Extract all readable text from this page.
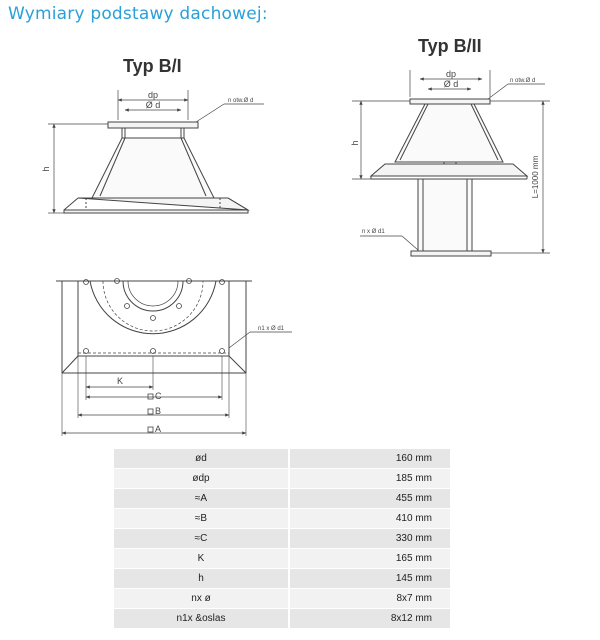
Wymiary podstawy dachowej:
Typ B/I
Typ B/II
dp
Ø d	n otw.Ø d
h
dp
Ø d	n otw.Ø d
h
L=1000 mm
n x Ø d1
n1 x Ø d1
K
C
B
A
ød	160 mm
ødp	185 mm
≈A	455 mm
≈B	410 mm
≈C	330 mm
K	165 mm
h	145 mm
nx ø	8x7 mm
n1x &oslas	8x12 mm
